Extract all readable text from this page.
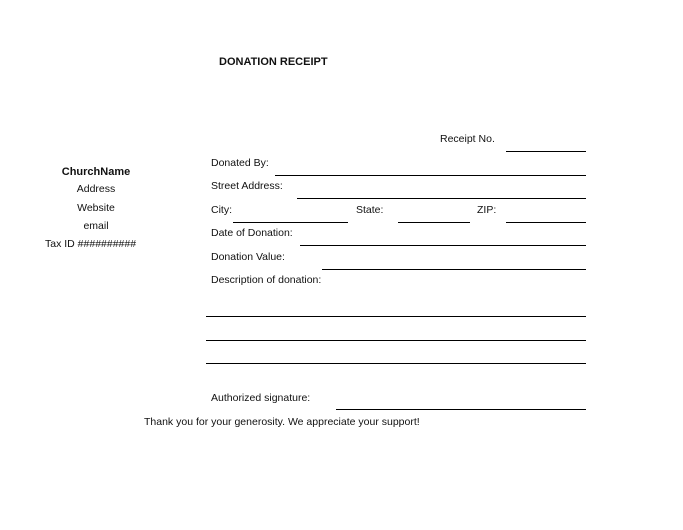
DONATION RECEIPT
Receipt No.
ChurchName
Address
Website
email
Tax ID ##########
Donated By:
Street Address:
City:	State:	ZIP:
Date of Donation:
Donation Value:
Description of donation:
Authorized signature:
Thank you for your generosity. We appreciate your support!
